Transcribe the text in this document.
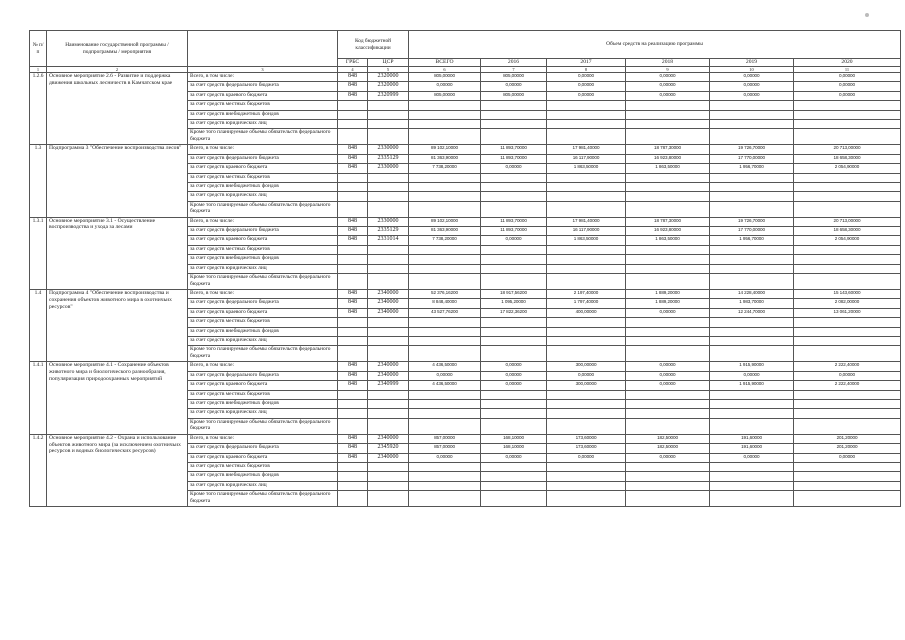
№ п/п	Наименование государственной программы / подпрограммы / мероприятия		Код бюджетной классификации		Объем средств на реализацию программы					
			ГРБС	ЦСР	ВСЕГО	2016	2017	2018	2019	2020
1	2	3	4	5	6	7	8	9	10	11
1.2.6	Основное мероприятие 2.6 - Развитие и поддержка движения школьных лесничеств в Камчатском крае	Всего, в том числе:	848	2320000	805,00000	805,00000	0,00000	0,00000	0,00000	0,00000
		за счет средств федерального бюджета	848	2320000	0,00000	0,00000	0,00000	0,00000	0,00000	0,00000
		за счет средств краевого бюджета	848	2320999	805,00000	805,00000	0,00000	0,00000	0,00000	0,00000
		за счет средств местных бюджетов								
		за счет средств внебюджетных фондов								
		за счет средств юридических лиц								
		Кроме того планируемые объемы обязательств федерального бюджета								
1.3	Подпрограмма 3 "Обеспечение воспроизводства лесов"	Всего, в том числе:	848	2330000	89 102,10000	11 893,70000	17 981,40000	18 787,30000	19 726,70000	20 713,00000
		за счет средств федерального бюджета	848	2335129	81 363,90000	11 893,70000	16 117,90000	16 923,80000	17 770,00000	18 658,30000
		за счет средств краевого бюджета	848	2330000	7 738,20000	0,00000	1 863,50000	1 863,50000	1 956,70000	2 054,90000
		за счет средств местных бюджетов								
		за счет средств внебюджетных фондов								
		за счет средств юридических лиц								
		Кроме того планируемые объемы обязательств федерального бюджета								
1.3.1	Основное мероприятие 3.1 - Осуществление воспроизводства и ухода за лесами	Всего, в том числе:	848	2330000	89 102,10000	11 893,70000	17 981,40000	18 787,30000	19 726,70000	20 713,00000
		за счет средств федерального бюджета	848	2335129	81 363,90000	11 893,70000	16 117,90000	16 923,80000	17 770,00000	18 658,30000
		за счет средств краевого бюджета	848	2331014	7 738,20000	0,00000	1 863,50000	1 863,50000	1 956,70000	2 054,90000
		за счет средств местных бюджетов								
		за счет средств внебюджетных фондов								
		за счет средств юридических лиц								
		Кроме того планируемые объемы обязательств федерального бюджета								
1.4	Подпрограмма 4 "Обеспечение воспроизводства и сохранения объектов животного мира в охотничьих ресурсов"	Всего, в том числе:	848	2340000	52 376,16200	18 917,56200	2 197,40000	1 889,20000	14 228,40000	15 143,60000
		за счет средств федерального бюджета	848	2340000	8 848,40000	1 095,20000	1 797,40000	1 889,20000	1 983,70000	2 082,00000
		за счет средств краевого бюджета	848	2340000	43 527,76200	17 822,36200	400,00000	0,00000	12 244,70000	13 061,20000
		за счет средств местных бюджетов								
		за счет средств внебюджетных фондов								
		за счет средств юридических лиц								
		Кроме того планируемые объемы обязательств федерального бюджета								
1.4.1	Основное мероприятие 4.1 - Сохранение объектов животного мира и биологического разнообразия, популяризация природоохранных мероприятий	Всего, в том числе:	848	2340000	4 436,50000	0,00000	300,00000	0,00000	1 915,90000	2 222,40000
		за счет средств федерального бюджета	848	2340000	0,00000	0,00000	0,00000	0,00000	0,00000	0,00000
		за счет средств краевого бюджета	848	2340999	4 436,50000	0,00000	300,00000	0,00000	1 915,90000	2 222,40000
		за счет средств местных бюджетов								
		за счет средств внебюджетных фондов								
		за счет средств юридических лиц								
		Кроме того планируемые объемы обязательств федерального бюджета								
1.4.2	Основное мероприятие 4.2 - Охрана и использование объектов животного мира (за исключением охотничьих ресурсов и водных биологических ресурсов)	Всего, в том числе:	848	2340000	857,00000	168,10000	173,60000	182,50000	191,60000	201,20000
		за счет средств федерального бюджета	848	2345920	857,00000	168,10000	173,60000	182,50000	191,60000	201,20000
		за счет средств краевого бюджета	848	2340000	0,00000	0,00000	0,00000	0,00000	0,00000	0,00000
		за счет средств местных бюджетов								
		за счет средств внебюджетных фондов								
		за счет средств юридических лиц								
		Кроме того планируемые объемы обязательств федерального бюджета								
